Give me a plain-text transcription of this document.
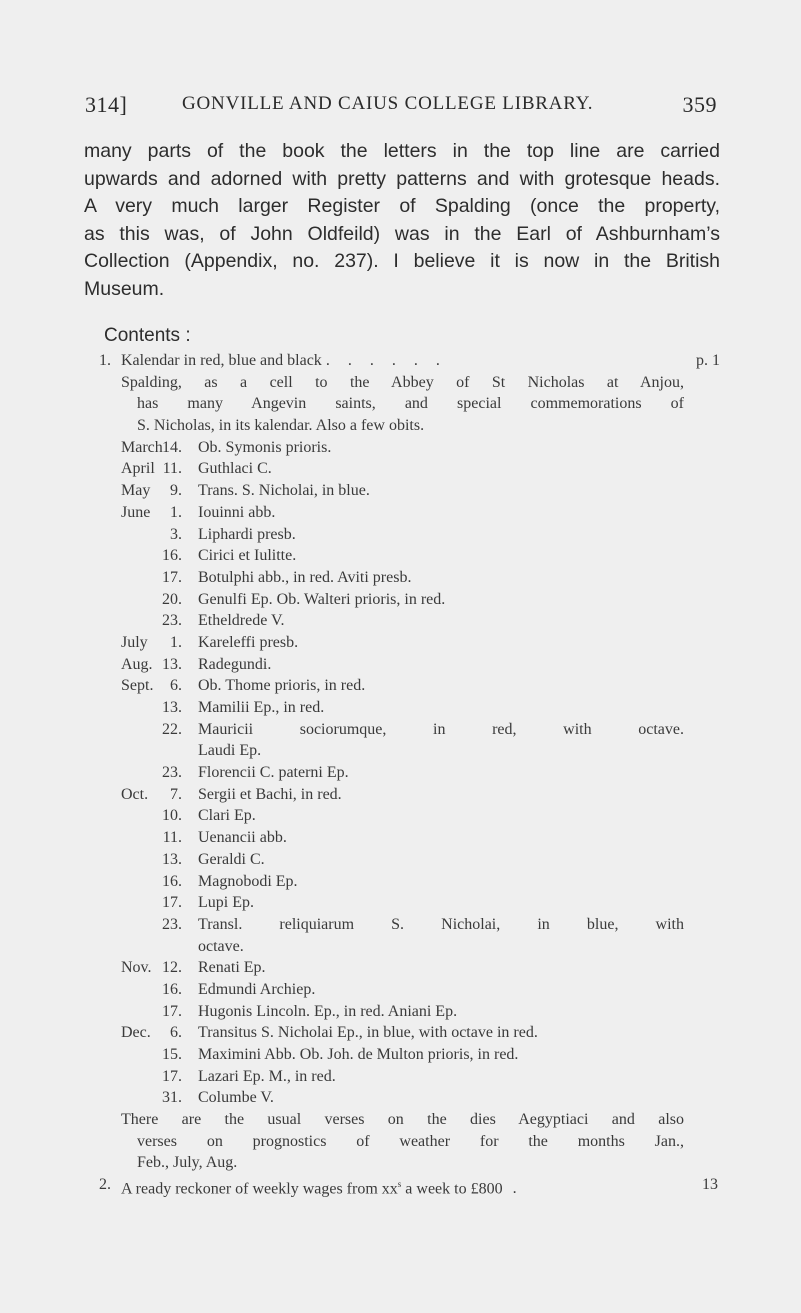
314]	GONVILLE AND CAIUS COLLEGE LIBRARY.	359

many parts of the book the letters in the top line are carried

upwards and adorned with pretty patterns and with grotesque heads.

A very much larger Register of Spalding (once the property,

as this was, of John Oldfeild) was in the Earl of Ashburnham’s

Collection (Appendix, no. 237). I believe it is now in the British

Museum.

Contents :
1. Kalendar in red, blue and black . . . . . .	p. 1
Spalding, as a cell to the Abbey of St Nicholas at Anjou,
has many Angevin saints, and special commemorations of
S. Nicholas, in its kalendar. Also a few obits.
March 14. Ob. Symonis prioris.
April 11. Guthlaci C.
May	9. Trans. S. Nicholai, in blue.
June	1. Iouinni abb.
3. Liphardi presb.
16. Cirici et Iulitte.
17. Botulphi abb., in red. Aviti presb.
20. Genulfi Ep. Ob. Walteri prioris, in red.
23. Etheldrede V.
July	1. Kareleffi presb.
Aug. 13. Radegundi.
Sept.	6. Ob. Thome prioris, in red.
13. Mamilii Ep., in red.
22. Mauricii sociorumque, in red, with octave.
Laudi Ep.
23. Florencii C. paterni Ep.
Oct.	7. Sergii et Bachi, in red.
10. Clari Ep.
11. Uenancii abb.
13. Geraldi C.
16. Magnobodi Ep.
17. Lupi Ep.
23. Transl. reliquiarum S. Nicholai, in blue, with
octave.
Nov. 12. Renati Ep.
16. Edmundi Archiep.
17. Hugonis Lincoln. Ep., in red. Aniani Ep.
Dec.	6. Transitus S. Nicholai Ep., in blue, with octave in red.
15. Maximini Abb. Ob. Joh. de Multon prioris, in red.
17. Lazari Ep. M., in red.
31. Columbe V.
There are the usual verses on the dies Aegyptiaci and also
verses on prognostics of weather for the months Jan.,
Feb., July, Aug.
2. A ready reckoner of weekly wages from $xx^s$ a week to £800 .	13
